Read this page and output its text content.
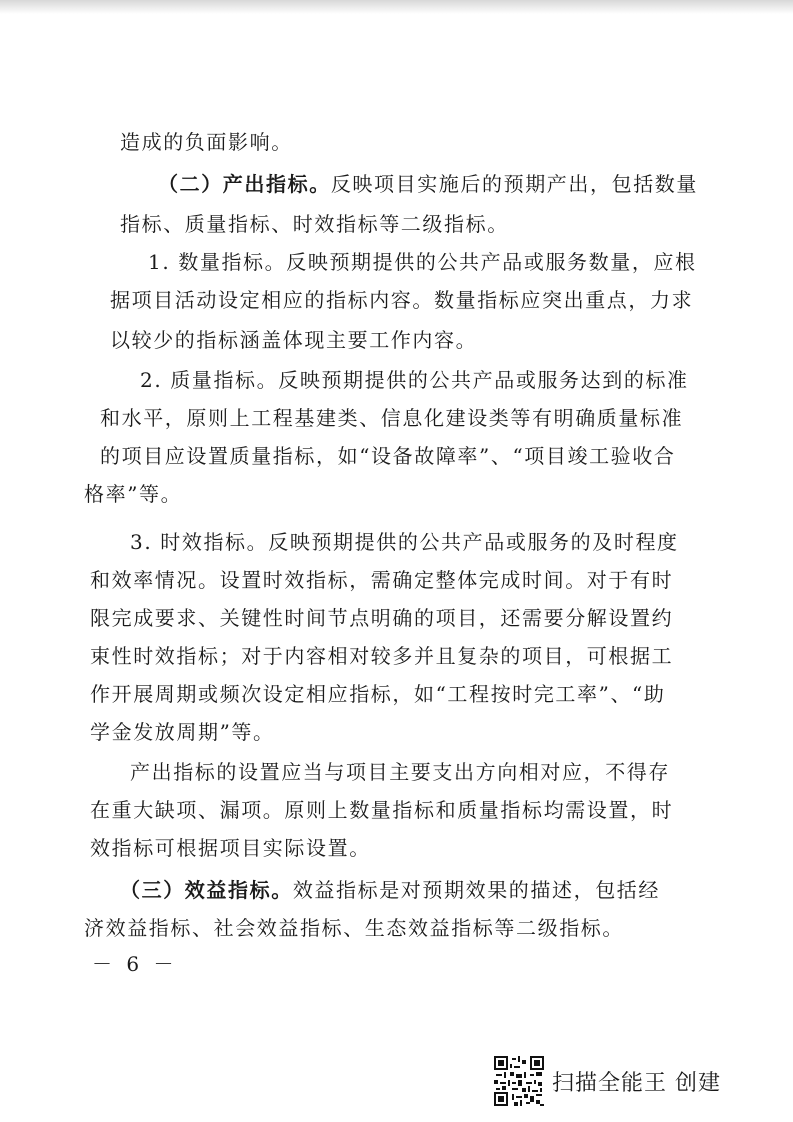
造成的负面影响。
（二）产出指标。反映项目实施后的预期产出，包括数量
指标、质量指标、时效指标等二级指标。
1. 数量指标。反映预期提供的公共产品或服务数量，应根
据项目活动设定相应的指标内容。数量指标应突出重点，力求
以较少的指标涵盖体现主要工作内容。
2. 质量指标。反映预期提供的公共产品或服务达到的标准
和水平，原则上工程基建类、信息化建设类等有明确质量标准
的项目应设置质量指标，如“设备故障率”、“项目竣工验收合
格率”等。
3. 时效指标。反映预期提供的公共产品或服务的及时程度
和效率情况。设置时效指标，需确定整体完成时间。对于有时
限完成要求、关键性时间节点明确的项目，还需要分解设置约
束性时效指标；对于内容相对较多并且复杂的项目，可根据工
作开展周期或频次设定相应指标，如“工程按时完工率”、“助
学金发放周期”等。
产出指标的设置应当与项目主要支出方向相对应，不得存
在重大缺项、漏项。原则上数量指标和质量指标均需设置，时
效指标可根据项目实际设置。
（三）效益指标。效益指标是对预期效果的描述，包括经
济效益指标、社会效益指标、生态效益指标等二级指标。
－ 6 －
扫描全能王 创建
